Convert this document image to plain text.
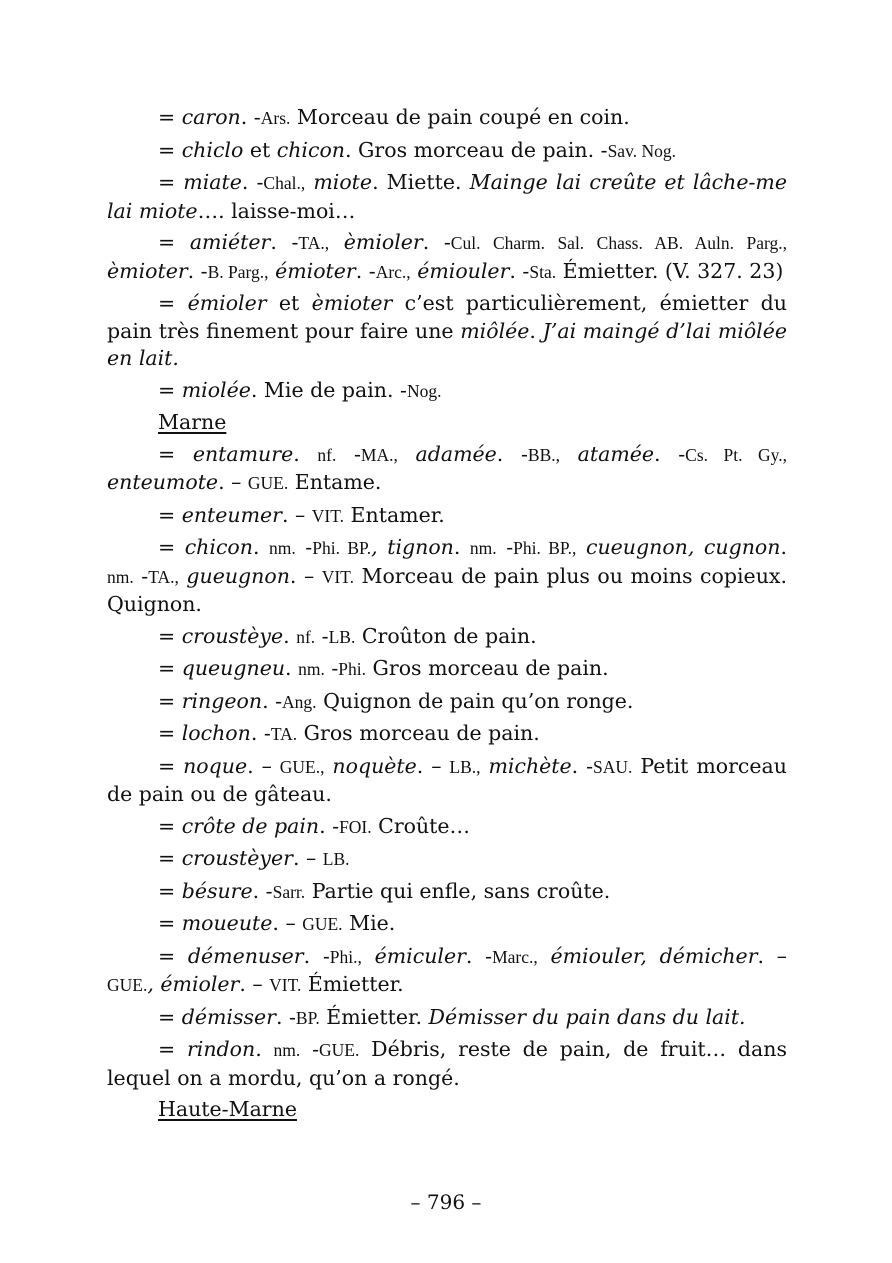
= caron. -Ars. Morceau de pain coupé en coin.

= chiclo et chicon. Gros morceau de pain. -Sav. Nog.

= miate. -Chal., miote. Miette. Mainge lai creûte et lâche-me lai miote…. laisse-moi…

= amiéter. -TA., èmioler. -Cul. Charm. Sal. Chass. AB. Auln. Parg., èmioter. -B. Parg., émioter. -Arc., émiouler. -Sta. Émietter. (V. 327. 23)

= émioler et èmioter c’est particulièrement, émietter du pain très finement pour faire une miôlée. J’ai maingé d’lai miôlée en lait.

= miolée. Mie de pain. -Nog.

Marne

= entamure. nf. -MA., adamée. -BB., atamée. -Cs. Pt. Gy., enteumote. – GUE. Entame.

= enteumer. – VIT. Entamer.

= chicon. nm. -Phi. BP., tignon. nm. -Phi. BP., cueugnon, cugnon. nm. -TA., gueugnon. – VIT. Morceau de pain plus ou moins copieux. Quignon.

= croustèye. nf. -LB. Croûton de pain.

= queugneu. nm. -Phi. Gros morceau de pain.

= ringeon. -Ang. Quignon de pain qu’on ronge.

= lochon. -TA. Gros morceau de pain.

= noque. – GUE., noquète. – LB., michète. -SAU. Petit morceau de pain ou de gâteau.

= crôte de pain. -FOI. Croûte…

= croustèyer. – LB.

= bésure. -Sarr. Partie qui enfle, sans croûte.

= moueute. – GUE. Mie.

= démenuser. -Phi., émiculer. -Marc., émiouler, démicher. – GUE., émioler. – VIT. Émietter.

= démisser. -BP. Émietter. Démisser du pain dans du lait.

= rindon. nm. -GUE. Débris, reste de pain, de fruit… dans lequel on a mordu, qu’on a rongé.

Haute-Marne

– 796 –
